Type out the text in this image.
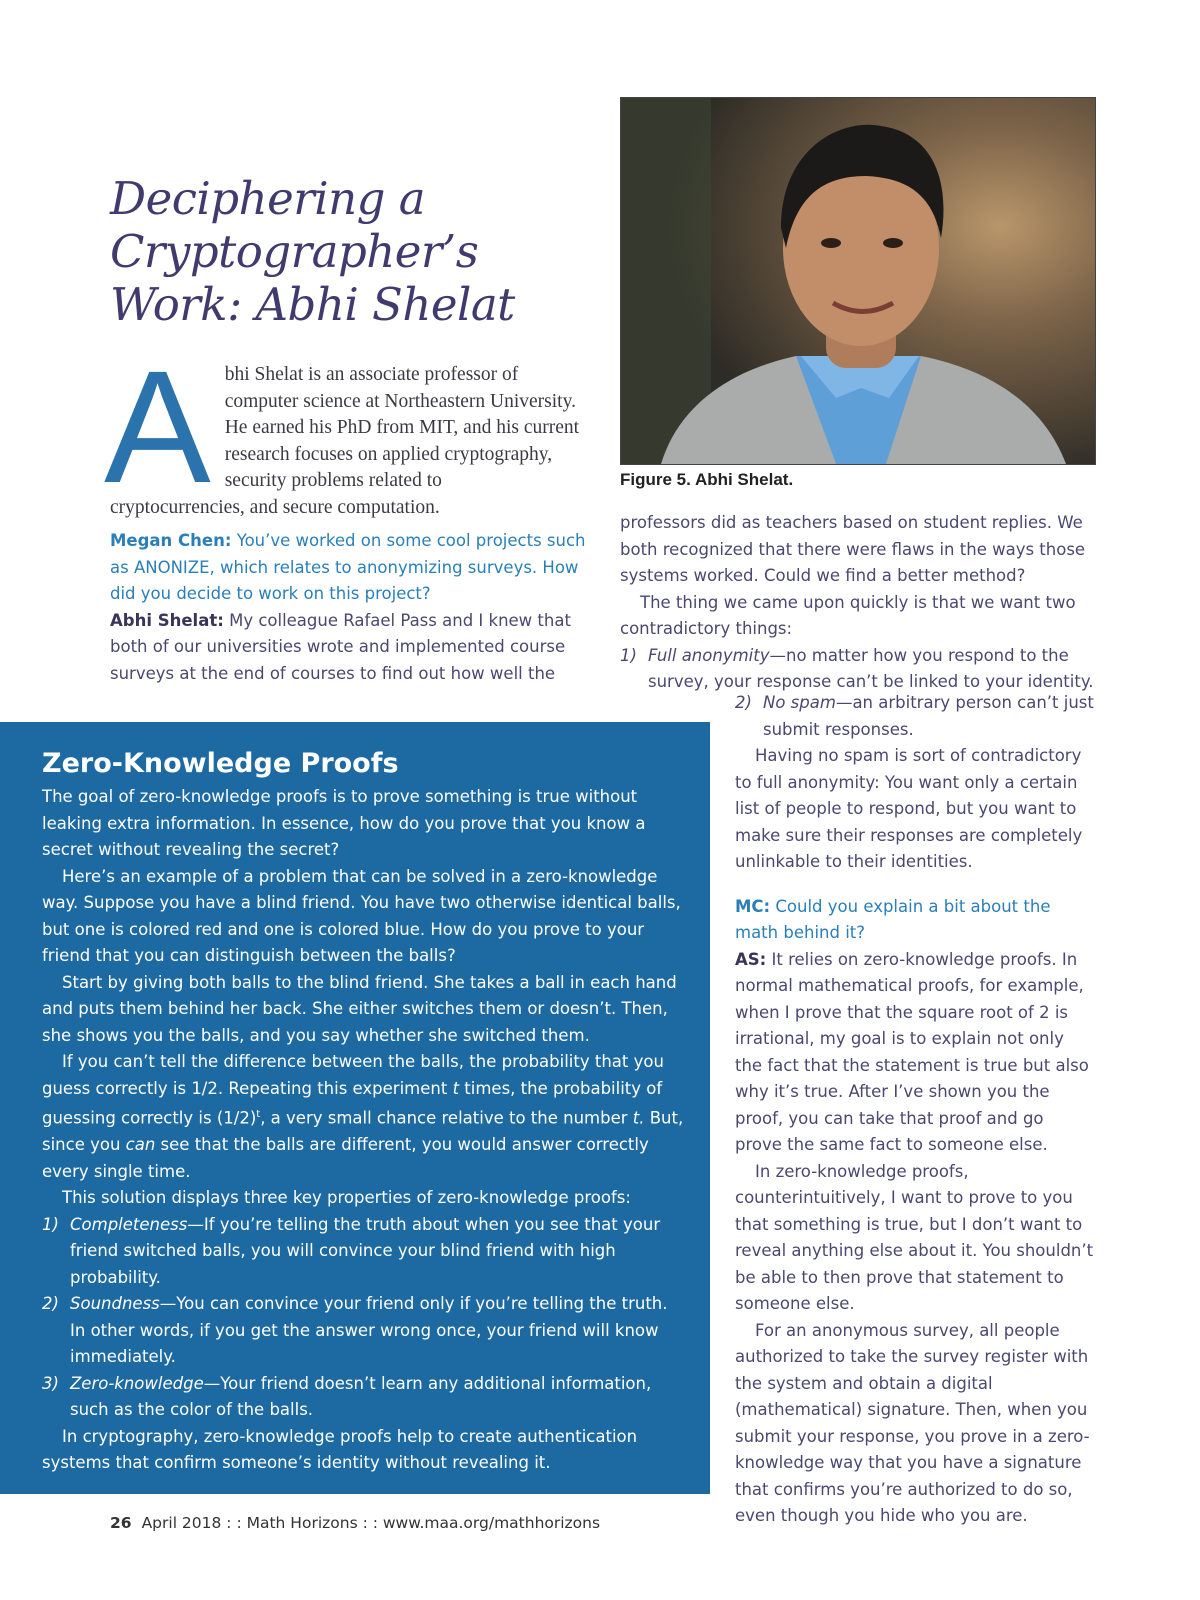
Deciphering a
Cryptographer’s
Work: Abhi Shelat

Abhi Shelat is an associate professor of computer science at Northeastern University. He earned his PhD from MIT, and his current research focuses on applied cryptography, security problems related to cryptocurrencies, and secure computation.

Megan Chen: You’ve worked on some cool projects such as ANONIZE, which relates to anonymizing surveys. How did you decide to work on this project?

Abhi Shelat: My colleague Rafael Pass and I knew that both of our universities wrote and implemented course surveys at the end of courses to find out how well the

Figure 5. Abhi Shelat.

professors did as teachers based on student replies. We both recognized that there were flaws in the ways those systems worked. Could we find a better method?

The thing we came upon quickly is that we want two contradictory things:

1) Full anonymity—no matter how you respond to the survey, your response can’t be linked to your identity.

2) No spam—an arbitrary person can’t just submit responses.

Having no spam is sort of contradictory to full anonymity: You want only a certain list of people to respond, but you want to make sure their responses are completely unlinkable to their identities.

MC: Could you explain a bit about the math behind it?

AS: It relies on zero-knowledge proofs. In normal mathematical proofs, for example, when I prove that the square root of 2 is irrational, my goal is to explain not only the fact that the statement is true but also why it’s true. After I’ve shown you the proof, you can take that proof and go prove the same fact to someone else.

In zero-knowledge proofs, counterintuitively, I want to prove to you that something is true, but I don’t want to reveal anything else about it. You shouldn’t be able to then prove that statement to someone else.

For an anonymous survey, all people authorized to take the survey register with the system and obtain a digital (mathematical) signature. Then, when you submit your response, you prove in a zero-knowledge way that you have a signature that confirms you’re authorized to do so, even though you hide who you are.

Zero-Knowledge Proofs

The goal of zero-knowledge proofs is to prove something is true without leaking extra information. In essence, how do you prove that you know a secret without revealing the secret?

Here’s an example of a problem that can be solved in a zero-knowledge way. Suppose you have a blind friend. You have two otherwise identical balls, but one is colored red and one is colored blue. How do you prove to your friend that you can distinguish between the balls?

Start by giving both balls to the blind friend. She takes a ball in each hand and puts them behind her back. She either switches them or doesn’t. Then, she shows you the balls, and you say whether she switched them.

If you can’t tell the difference between the balls, the probability that you guess correctly is 1/2. Repeating this experiment t times, the probability of guessing correctly is $(1/2)^t$, a very small chance relative to the number t. But, since you can see that the balls are different, you would answer correctly every single time.

This solution displays three key properties of zero-knowledge proofs:

1) Completeness—If you’re telling the truth about when you see that your friend switched balls, you will convince your blind friend with high probability.

2) Soundness—You can convince your friend only if you’re telling the truth. In other words, if you get the answer wrong once, your friend will know immediately.

3) Zero-knowledge—Your friend doesn’t learn any additional information, such as the color of the balls.

In cryptography, zero-knowledge proofs help to create authentication systems that confirm someone’s identity without revealing it.

26 April 2018 : : Math Horizons : : www.maa.org/mathhorizons
